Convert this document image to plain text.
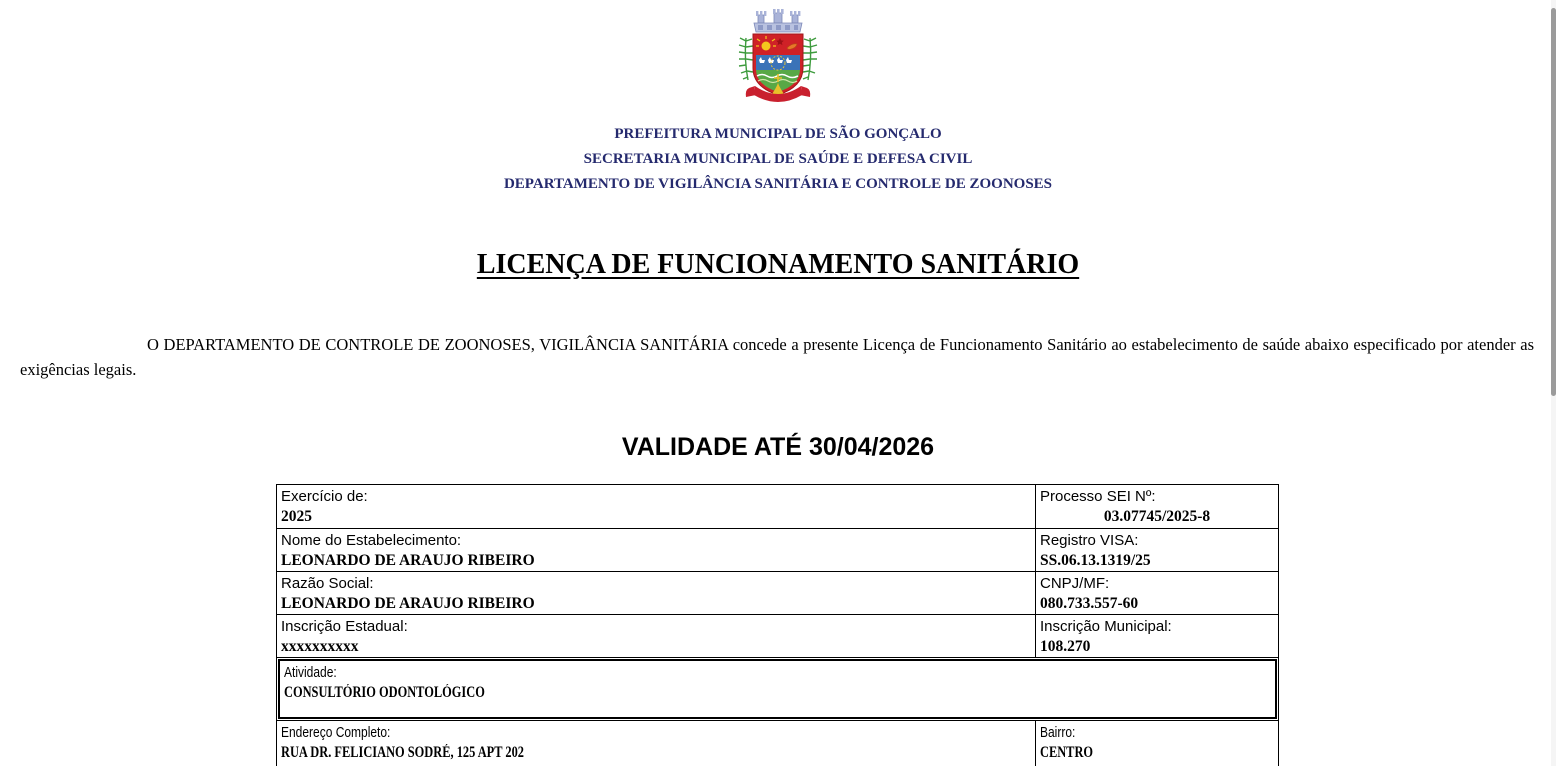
PREFEITURA MUNICIPAL DE SÃO GONÇALO
SECRETARIA MUNICIPAL DE SAÚDE E DEFESA CIVIL
DEPARTAMENTO DE VIGILÂNCIA SANITÁRIA E CONTROLE DE ZOONOSES
LICENÇA DE FUNCIONAMENTO SANITÁRIO
O DEPARTAMENTO DE CONTROLE DE ZOONOSES, VIGILÂNCIA SANITÁRIA concede a presente Licença de Funcionamento Sanitário ao estabelecimento de saúde abaixo especificado por atender as exigências legais.
VALIDADE ATÉ 30/04/2026
Exercício de:
2025
Processo SEI Nº:
03.07745/2025-8
Nome do Estabelecimento:
LEONARDO DE ARAUJO RIBEIRO
Registro VISA:
SS.06.13.1319/25
Razão Social:
LEONARDO DE ARAUJO RIBEIRO
CNPJ/MF:
080.733.557-60
Inscrição Estadual:
xxxxxxxxxx
Inscrição Municipal:
108.270
Atividade:
CONSULTÓRIO ODONTOLÓGICO
Endereço Completo:
RUA DR. FELICIANO SODRÉ, 125 APT 202
Bairro:
CENTRO
